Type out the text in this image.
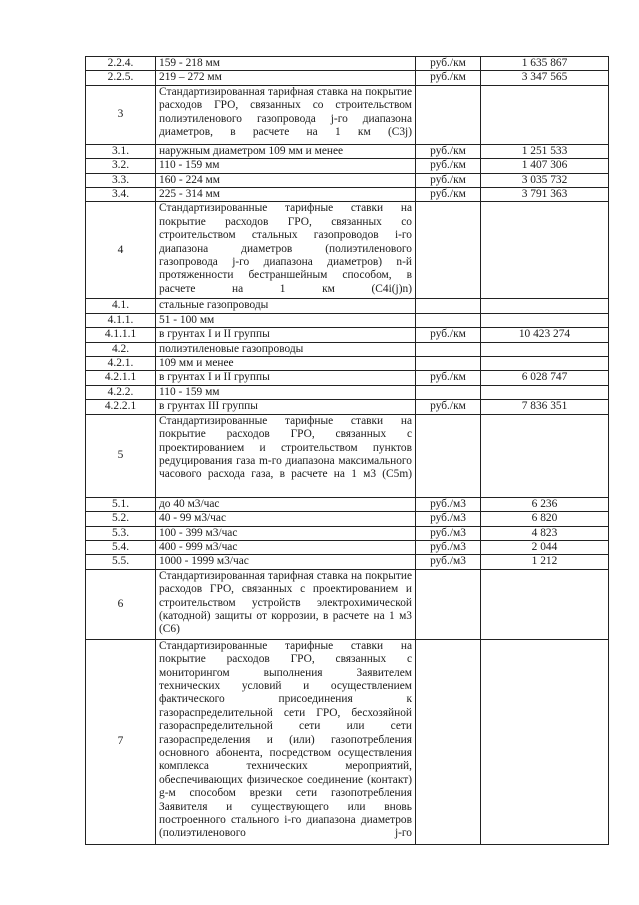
2.2.4.	159 - 218 мм	руб./км	1 635 867
2.2.5.	219 – 272 мм	руб./км	3 347 565
3	Стандартизированная тарифная ставка на покрытие расходов ГРО, связанных со строительством полиэтиленового газопровода j-го диапазона диаметров, в расчете на 1 км (C3j)		
3.1.	наружным диаметром 109 мм и менее	руб./км	1 251 533
3.2.	110 - 159 мм	руб./км	1 407 306
3.3.	160 - 224 мм	руб./км	3 035 732
3.4.	225 - 314 мм	руб./км	3 791 363
4	Стандартизированные тарифные ставки на покрытие расходов ГРО, связанных со строительством стальных газопроводов i-го диапазона диаметров (полиэтиленового газопровода j-го диапазона диаметров) n-й протяженности бестраншейным способом, в расчете на 1 км (C4i(j)n)		
4.1.	стальные газопроводы		
4.1.1.	51 - 100 мм		
4.1.1.1	в грунтах I и II группы	руб./км	10 423 274
4.2.	полиэтиленовые газопроводы		
4.2.1.	109 мм и менее		
4.2.1.1	в грунтах I и II группы	руб./км	6 028 747
4.2.2.	110 - 159 мм		
4.2.2.1	в грунтах III группы	руб./км	7 836 351
5	Стандартизированные тарифные ставки на покрытие расходов ГРО, связанных с проектированием и строительством пунктов редуцирования газа m-го диапазона максимального часового расхода газа, в расчете на 1 м3 (C5m)		
5.1.	до 40 м3/час	руб./м3	6 236
5.2.	40 - 99 м3/час	руб./м3	6 820
5.3.	100 - 399 м3/час	руб./м3	4 823
5.4.	400 - 999 м3/час	руб./м3	2 044
5.5.	1000 - 1999 м3/час	руб./м3	1 212
6	Стандартизированная тарифная ставка на покрытие расходов ГРО, связанных с проектированием и строительством устройств электрохимической (катодной) защиты от коррозии, в расчете на 1 м3 (C6)		
7	Стандартизированные тарифные ставки на покрытие расходов ГРО, связанных с мониторингом выполнения Заявителем технических условий и осуществлением фактического присоединения к газораспределительной сети ГРО, бесхозяйной газораспределительной сети или сети газораспределения и (или) газопотребления основного абонента, посредством осуществления комплекса технических мероприятий, обеспечивающих физическое соединение (контакт) g-м способом врезки сети газопотребления Заявителя и существующего или вновь построенного стального i-го диапазона диаметров (полиэтиленового j-го		
